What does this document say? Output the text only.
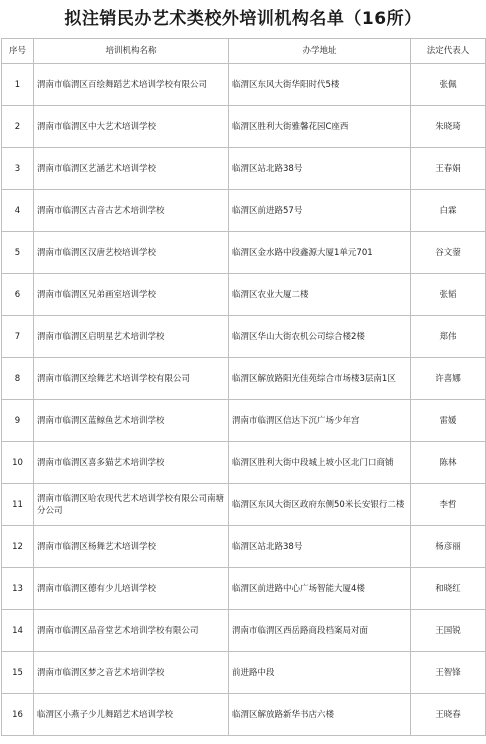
拟注销民办艺术类校外培训机构名单（16所）
序号	培训机构名称	办学地址	法定代表人
1	渭南市临渭区百绘舞蹈艺术培训学校有限公司	临渭区东风大街华阳时代5楼	张佩
2	渭南市临渭区中大艺术培训学校	临渭区胜利大街雅馨花园C座西	朱晓琦
3	渭南市临渭区艺涵艺术培训学校	临渭区站北路38号	王春娟
4	渭南市临渭区古音古艺术培训学校	临渭区前进路57号	白霖
5	渭南市临渭区汉唐艺校培训学校	临渭区金水路中段鑫源大厦1单元701	谷文蓥
6	渭南市临渭区兄弟画室培训学校	临渭区农业大厦二楼	张韬
7	渭南市临渭区启明星艺术培训学校	临渭区华山大街农机公司综合楼2楼	郑伟
8	渭南市临渭区绘舞艺术培训学校有限公司	临渭区解放路阳光佳苑综合市场楼3层南1区	许喜娜
9	渭南市临渭区蓝鲸鱼艺术培训学校	渭南市临渭区信达下沉广场少年宫	雷媛
10	渭南市临渭区喜多猫艺术培训学校	临渭区胜利大街中段城上坡小区北门口商铺	陈林
11	渭南市临渭区哈农现代艺术培训学校有限公司南塘分公司	临渭区东风大街区政府东侧50米长安银行二楼	李哲
12	渭南市临渭区杨舞艺术培训学校	临渭区站北路38号	杨彦丽
13	渭南市临渭区德有少儿培训学校	临渭区前进路中心广场智能大厦4楼	和晓红
14	渭南市临渭区品音堂艺术培训学校有限公司	渭南市临渭区西岳路商段档案局对面	王国锐
15	渭南市临渭区梦之音艺术培训学校	前进路中段	王智锋
16	临渭区小燕子少儿舞蹈艺术培训学校	临渭区解放路新华书店六楼	王晓春
